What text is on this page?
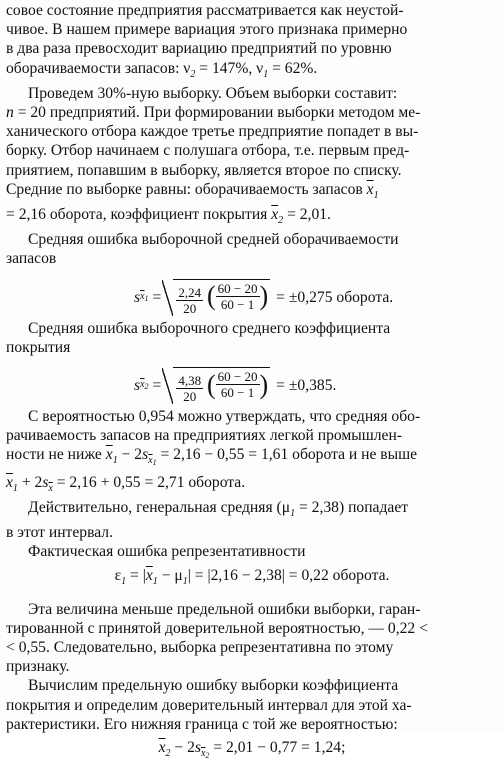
совое состояние предприятия рассматривается как неустой-

чивое. В нашем примере вариация этого признака примерно

в два раза превосходит вариацию предприятий по уровню

оборачиваемости запасов: $\nu_2 = 147\%$, $\nu_1 = 62\%$.

Проведем 30%-ную выборку. Объем выборки составит:

n = 20 предприятий. При формировании выборки методом ме-

ханического отбора каждое третье предприятие попадет в вы-

борку. Отбор начинаем с полушага отбора, т.е. первым пред-

приятием, попавшим в выборку, является второе по списку.

Средние по выборке равны: оборачиваемость запасов $\overline{x}_1$

= 2,16 оборота, коэффициент покрытия $\overline{x}_2 = 2,01$.

Средняя ошибка выборочной средней оборачиваемости

запасов

s $\overline{x}_1 = \frac{2,24}{20}$
( $\frac{60 - 20}{60 - 1}$ ) = ±0,275 оборота.

Средняя ошибка выборочного среднего коэффициента

покрытия

s $\overline{x}_2 = \frac{4,38}{20}$
( $\frac{60 - 20}{60 - 1}$ ) = ±0,385.

С вероятностью 0,954 можно утверждать, что средняя обо-

рачиваемость запасов на предприятиях легкой промышлен-

ности не ниже $\overline{x}_1 - 2s_{\overline{x}_1} = 2,16 - 0,55 = 1,61$ оборота и не выше

$\overline{x}_1 + 2s_{\overline{x}} = 2,16 + 0,55 = 2,71$ оборота.

Действительно, генеральная средняя $(\mu_1 = 2,38)$ попадает

в этот интервал.

Фактическая ошибка репрезентативности

$\varepsilon_1 = |\overline{x}_1 - \mu_1| = |2,16 - 2,38| = 0,22$ оборота.

Эта величина меньше предельной ошибки выборки, гаран-

тированной с принятой доверительной вероятностью, — 0,22 <

< 0,55. Следовательно, выборка репрезентативна по этому

признаку.

Вычислим предельную ошибку выборки коэффициента

покрытия и определим доверительный интервал для этой ха-

рактеристики. Его нижняя граница с той же вероятностью:

$\overline{x}_2 - 2s_{\overline{x}_2} = 2,01 - 0,77 = 1,24$;
